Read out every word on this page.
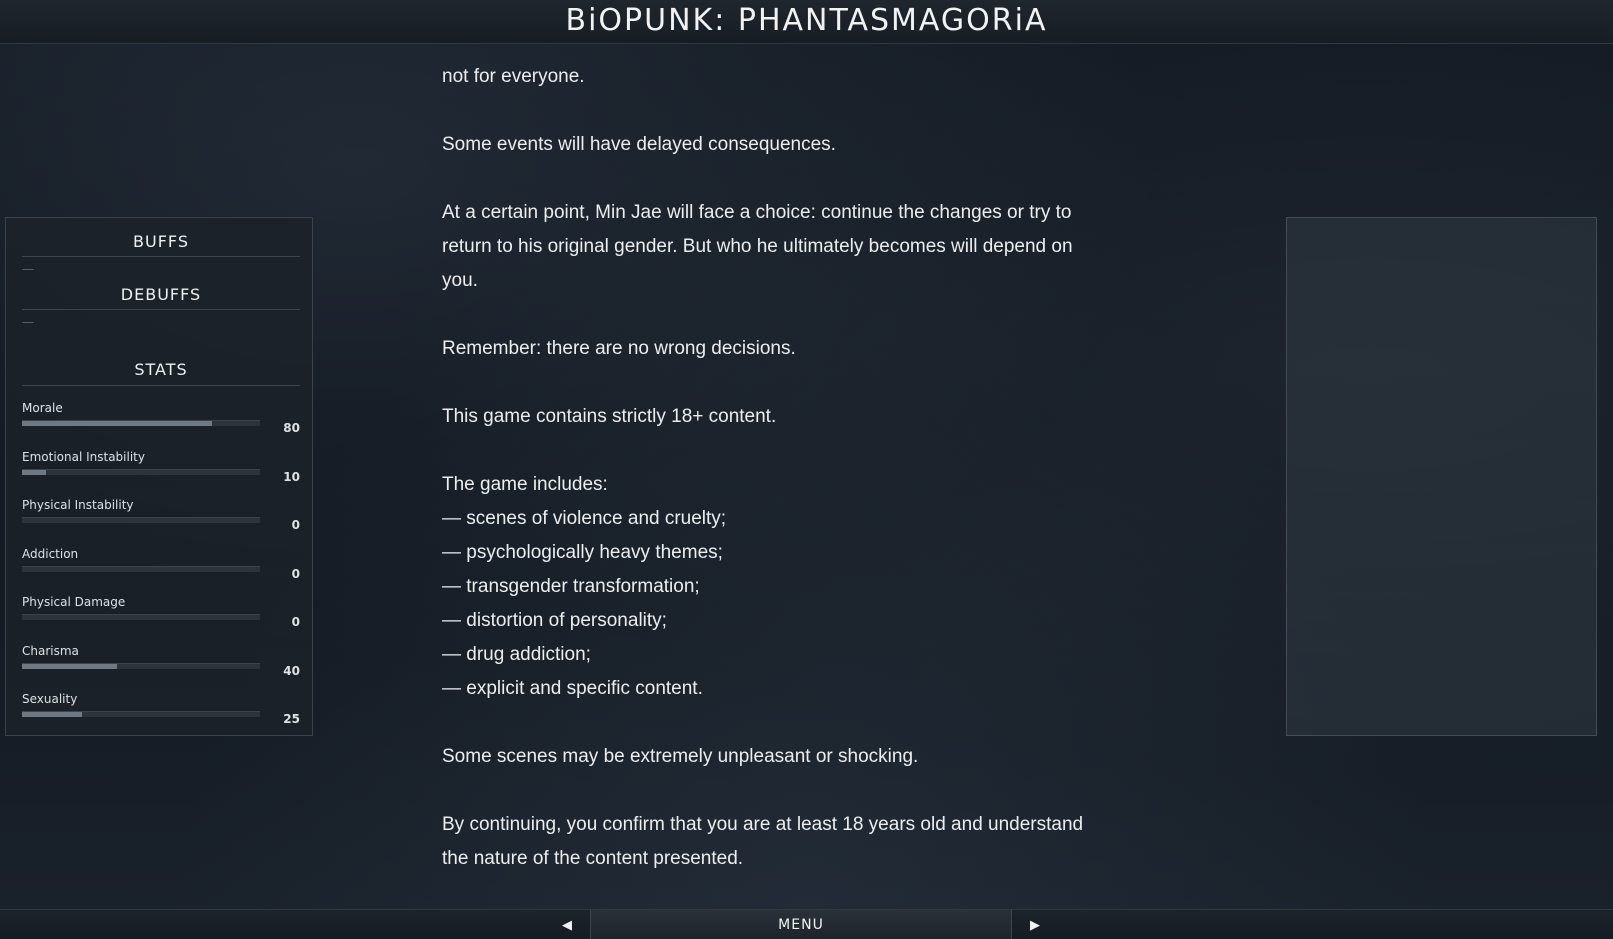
BiOPUNK: PHANTASMAGORiA
BUFFS
—
DEBUFFS
—
STATS
Morale
80
Emotional Instability
10
Physical Instability
0
Addiction
0
Physical Damage
0
Charisma
40
Sexuality
25

not for everyone.

Some events will have delayed consequences.

At a certain point, Min Jae will face a choice: continue the changes or try to
return to his original gender. But who he ultimately becomes will depend on
you.

Remember: there are no wrong decisions.

This game contains strictly 18+ content.

The game includes:
— scenes of violence and cruelty;
— psychologically heavy themes;
— transgender transformation;
— distortion of personality;
— drug addiction;
— explicit and specific content.

Some scenes may be extremely unpleasant or shocking.

By continuing, you confirm that you are at least 18 years old and understand
the nature of the content presented.

◀	MENU	▶
